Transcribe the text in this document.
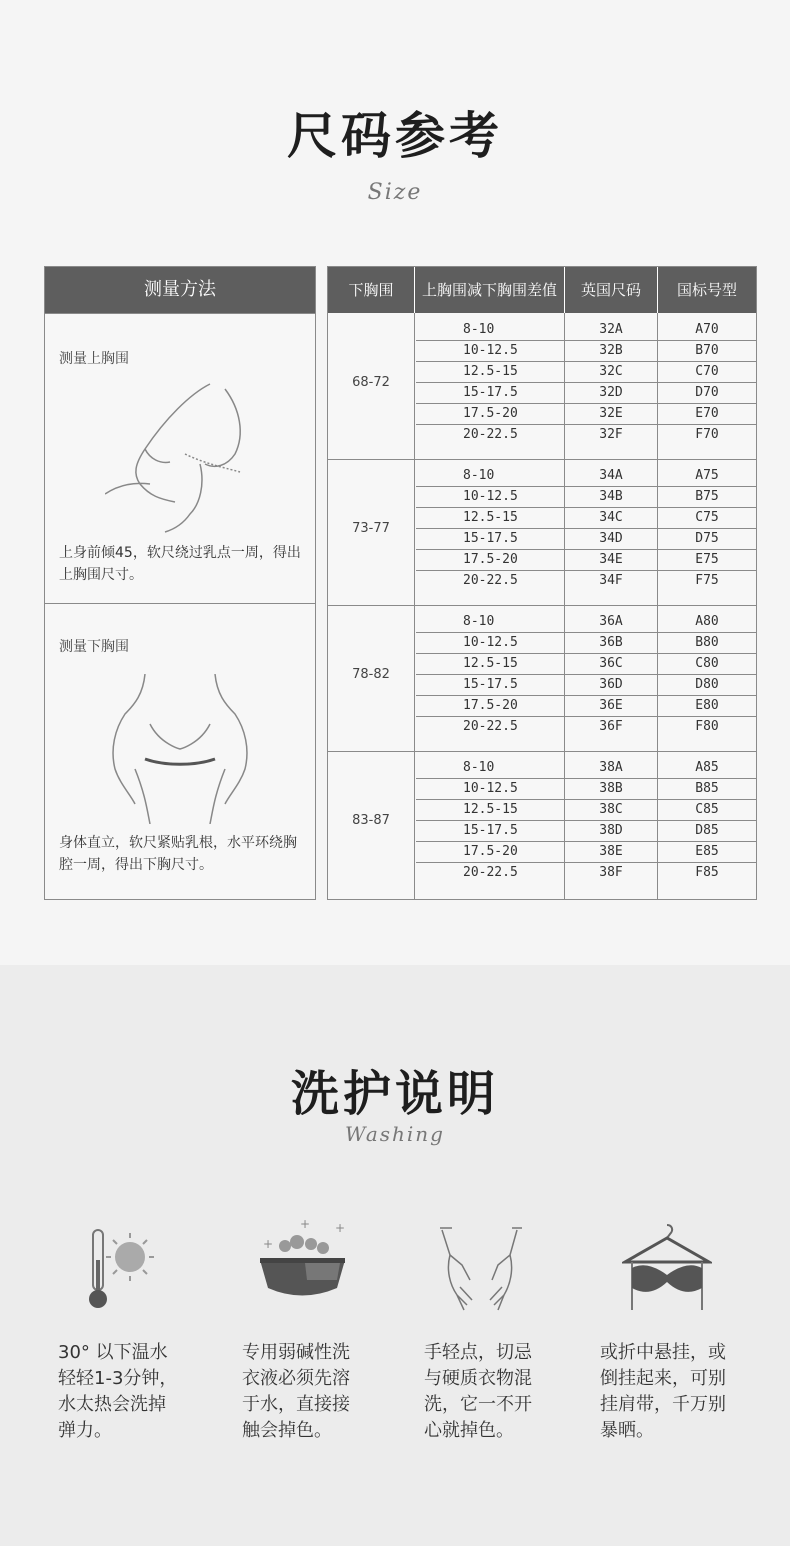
尺码参考
Size
测量方法
测量上胸围
上身前倾45，软尺绕过乳点一周，得出上胸围尺寸。
测量下胸围
身体直立，软尺紧贴乳根，水平环绕胸腔一周，得出下胸尺寸。
下胸围	上胸围减下胸围差值	英国尺码	国标号型
68-72
8-10	32A	A70
10-12.5	32B	B70
12.5-15	32C	C70
15-17.5	32D	D70
17.5-20	32E	E70
20-22.5	32F	F70
73-77
8-10	34A	A75
10-12.5	34B	B75
12.5-15	34C	C75
15-17.5	34D	D75
17.5-20	34E	E75
20-22.5	34F	F75
78-82
8-10	36A	A80
10-12.5	36B	B80
12.5-15	36C	C80
15-17.5	36D	D80
17.5-20	36E	E80
20-22.5	36F	F80
83-87
8-10	38A	A85
10-12.5	38B	B85
12.5-15	38C	C85
15-17.5	38D	D85
17.5-20	38E	E85
20-22.5	38F	F85
洗护说明
Washing
+
+ +
30° 以下温水
轻轻1-3分钟，
水太热会洗掉
弹力。
专用弱碱性洗
衣液必须先溶
于水，直接接
触会掉色。
手轻点，切忌
与硬质衣物混
洗，它一不开
心就掉色。
或折中悬挂，或
倒挂起来，可别
挂肩带，千万别
暴晒。
